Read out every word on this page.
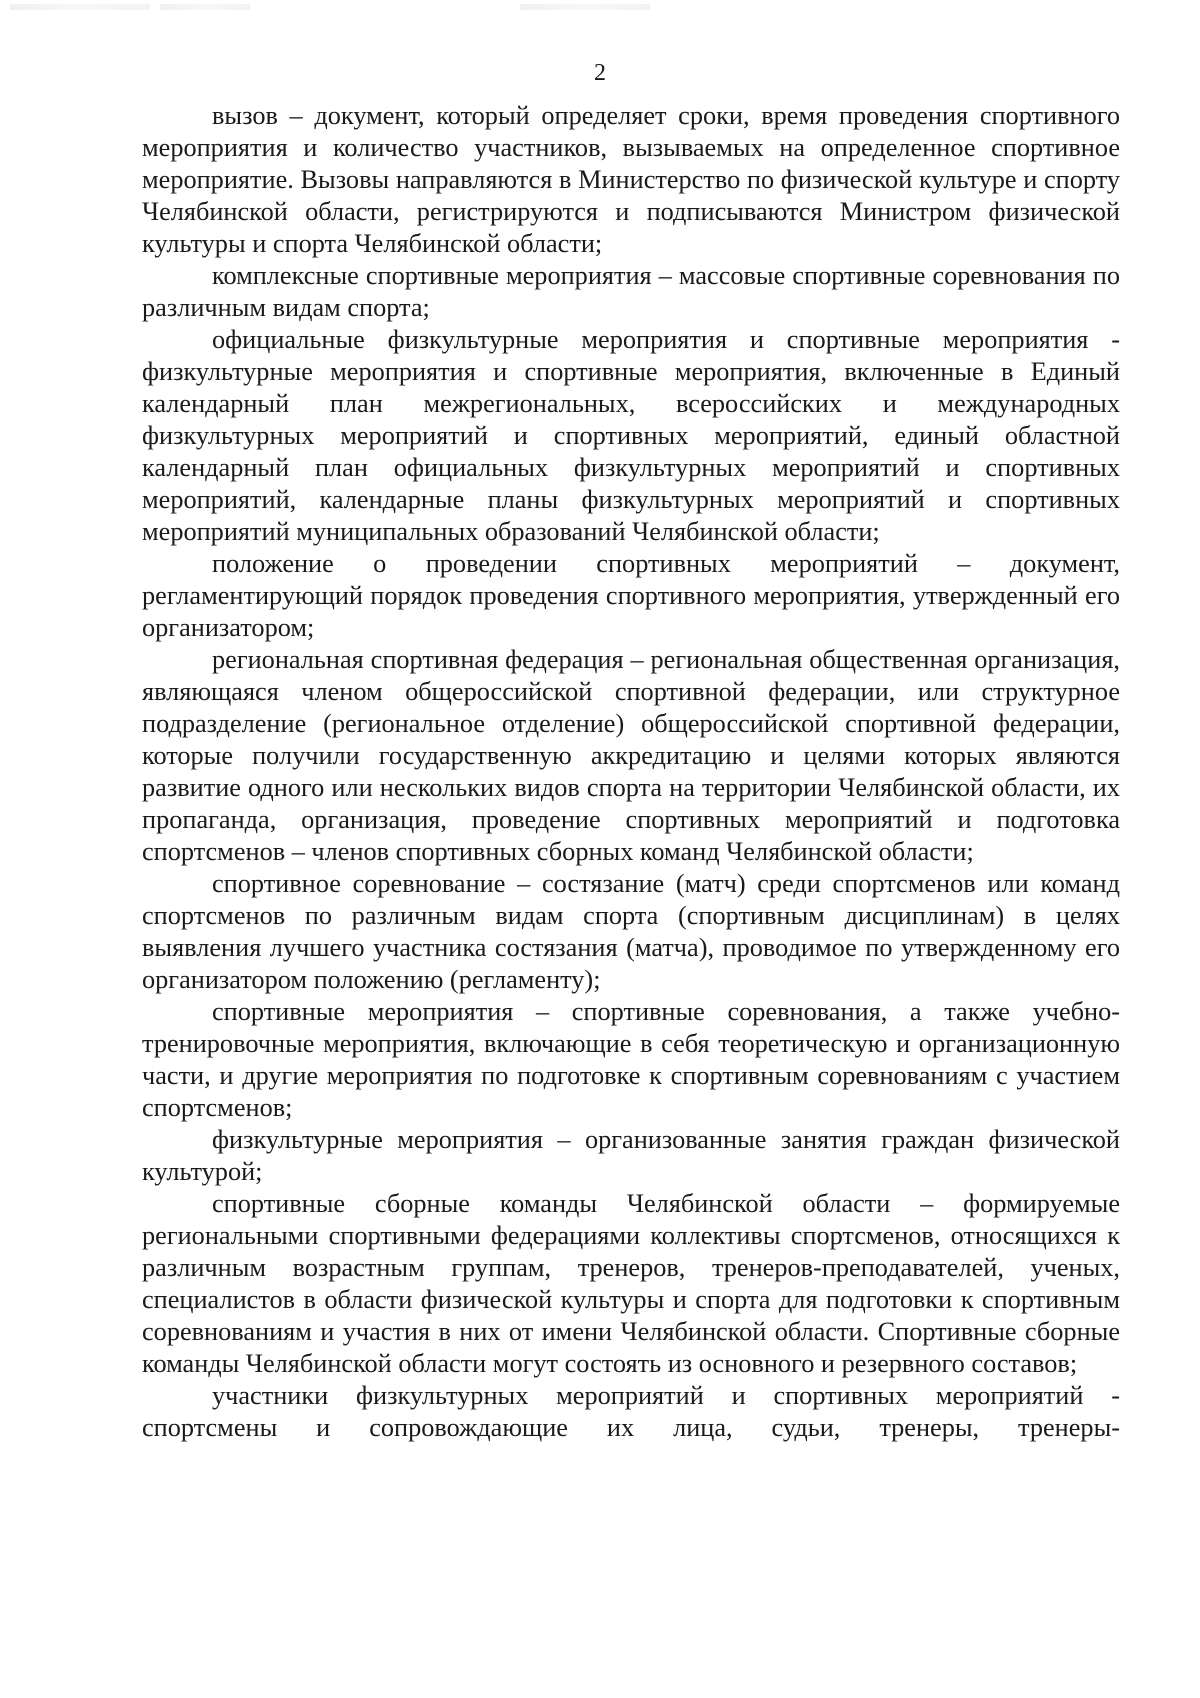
2

вызов – документ, который определяет сроки, время проведения спортивного мероприятия и количество участников, вызываемых на определенное спортивное мероприятие. Вызовы направляются в Министерство по физической культуре и спорту Челябинской области, регистрируются и подписываются Министром физической культуры и спорта Челябинской области;

комплексные спортивные мероприятия – массовые спортивные соревнования по различным видам спорта;

официальные физкультурные мероприятия и спортивные мероприятия - физкультурные мероприятия и спортивные мероприятия, включенные в Единый календарный план межрегиональных, всероссийских и международных физкультурных мероприятий и спортивных мероприятий, единый областной календарный план официальных физкультурных мероприятий и спортивных мероприятий, календарные планы физкультурных мероприятий и спортивных мероприятий муниципальных образований Челябинской области;

положение о проведении спортивных мероприятий – документ, регламентирующий порядок проведения спортивного мероприятия, утвержденный его организатором;

региональная спортивная федерация – региональная общественная организация, являющаяся членом общероссийской спортивной федерации, или структурное подразделение (региональное отделение) общероссийской спортивной федерации, которые получили государственную аккредитацию и целями которых являются развитие одного или нескольких видов спорта на территории Челябинской области, их пропаганда, организация, проведение спортивных мероприятий и подготовка спортсменов – членов спортивных сборных команд Челябинской области;

спортивное соревнование – состязание (матч) среди спортсменов или команд спортсменов по различным видам спорта (спортивным дисциплинам) в целях выявления лучшего участника состязания (матча), проводимое по утвержденному его организатором положению (регламенту);

спортивные мероприятия – спортивные соревнования, а также учебно-тренировочные мероприятия, включающие в себя теоретическую и организационную части, и другие мероприятия по подготовке к спортивным соревнованиям с участием спортсменов;

физкультурные мероприятия – организованные занятия граждан физической культурой;

спортивные сборные команды Челябинской области – формируемые региональными спортивными федерациями коллективы спортсменов, относящихся к различным возрастным группам, тренеров, тренеров-преподавателей, ученых, специалистов в области физической культуры и спорта для подготовки к спортивным соревнованиям и участия в них от имени Челябинской области. Спортивные сборные команды Челябинской области могут состоять из основного и резервного составов;

участники физкультурных мероприятий и спортивных мероприятий - спортсмены и сопровождающие их лица, судьи, тренеры, тренеры-
